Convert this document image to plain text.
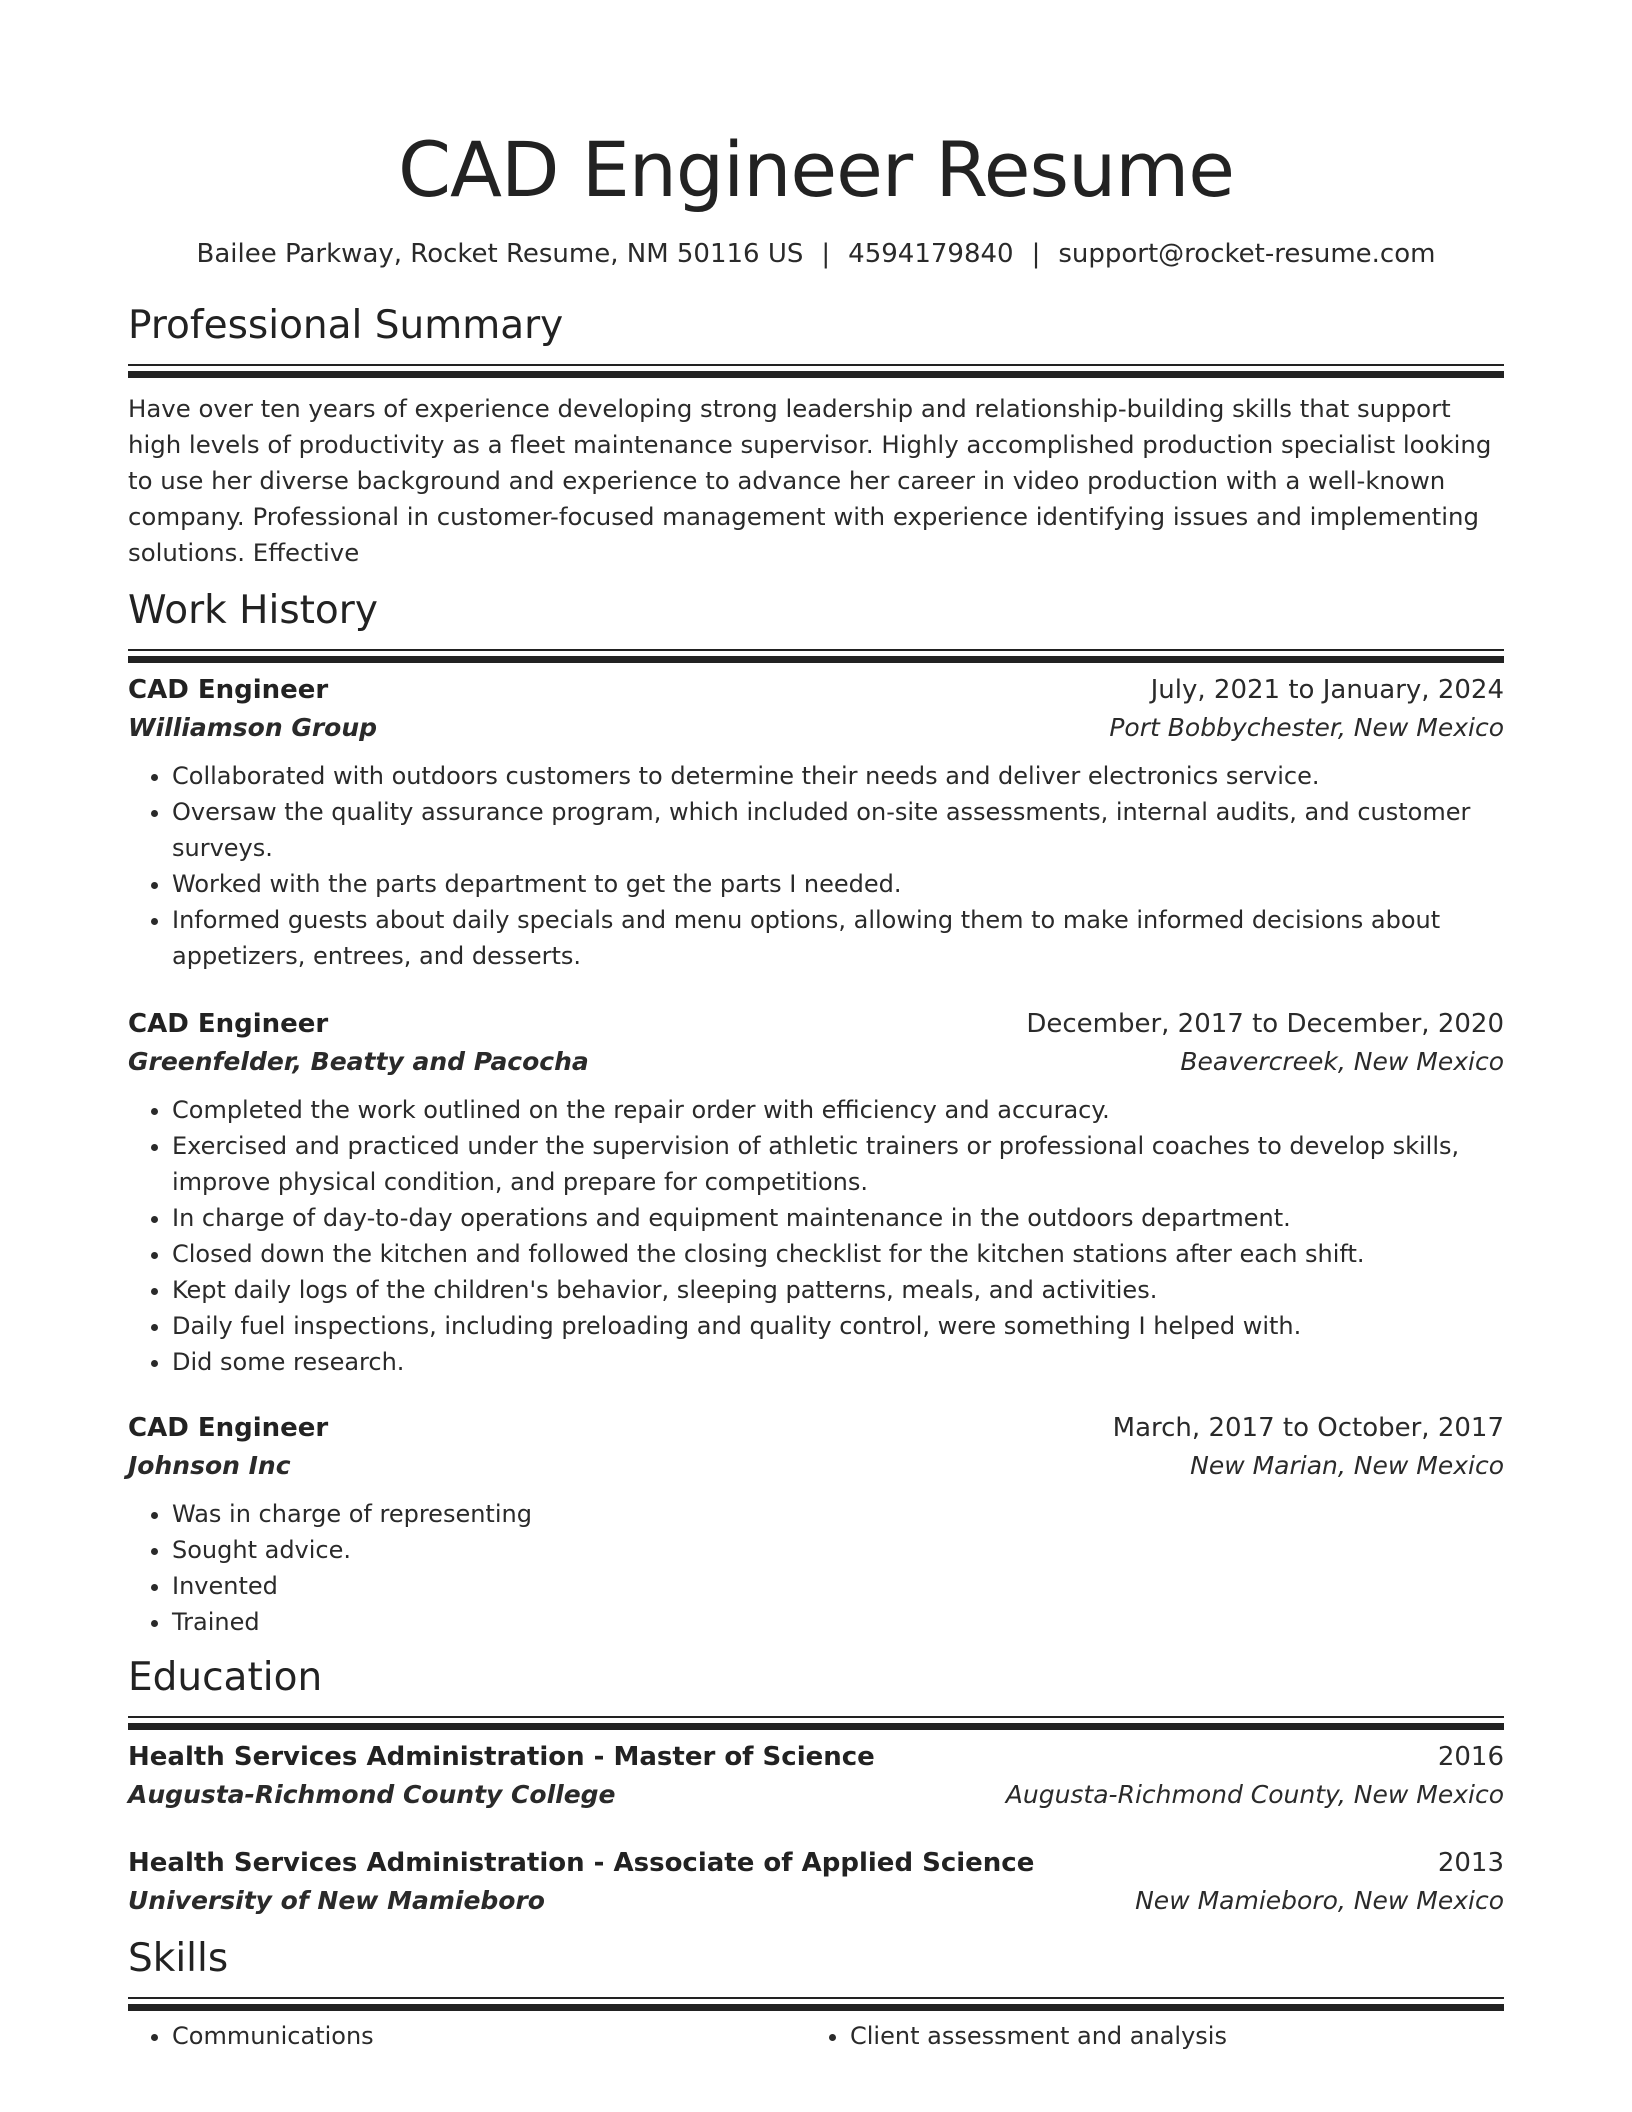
CAD Engineer Resume
Bailee Parkway, Rocket Resume, NM 50116 US | 4594179840 | support@rocket-resume.com
Professional Summary
Have over ten years of experience developing strong leadership and relationship-building skills that support high levels of productivity as a fleet maintenance supervisor. Highly accomplished production specialist looking to use her diverse background and experience to advance her career in video production with a well-known company. Professional in customer-focused management with experience identifying issues and implementing solutions. Effective
Work History
CAD Engineer	July, 2021 to January, 2024
Williamson Group	Port Bobbychester, New Mexico
• Collaborated with outdoors customers to determine their needs and deliver electronics service.
• Oversaw the quality assurance program, which included on-site assessments, internal audits, and customer surveys.
• Worked with the parts department to get the parts I needed.
• Informed guests about daily specials and menu options, allowing them to make informed decisions about appetizers, entrees, and desserts.
CAD Engineer	December, 2017 to December, 2020
Greenfelder, Beatty and Pacocha	Beavercreek, New Mexico
• Completed the work outlined on the repair order with efficiency and accuracy.
• Exercised and practiced under the supervision of athletic trainers or professional coaches to develop skills, improve physical condition, and prepare for competitions.
• In charge of day-to-day operations and equipment maintenance in the outdoors department.
• Closed down the kitchen and followed the closing checklist for the kitchen stations after each shift.
• Kept daily logs of the children's behavior, sleeping patterns, meals, and activities.
• Daily fuel inspections, including preloading and quality control, were something I helped with.
• Did some research.
CAD Engineer	March, 2017 to October, 2017
Johnson Inc	New Marian, New Mexico
• Was in charge of representing
• Sought advice.
• Invented
• Trained
Education
Health Services Administration - Master of Science	2016
Augusta-Richmond County College	Augusta-Richmond County, New Mexico
Health Services Administration - Associate of Applied Science	2013
University of New Mamieboro	New Mamieboro, New Mexico
Skills
• Communications
•	Client assessment and analysis
